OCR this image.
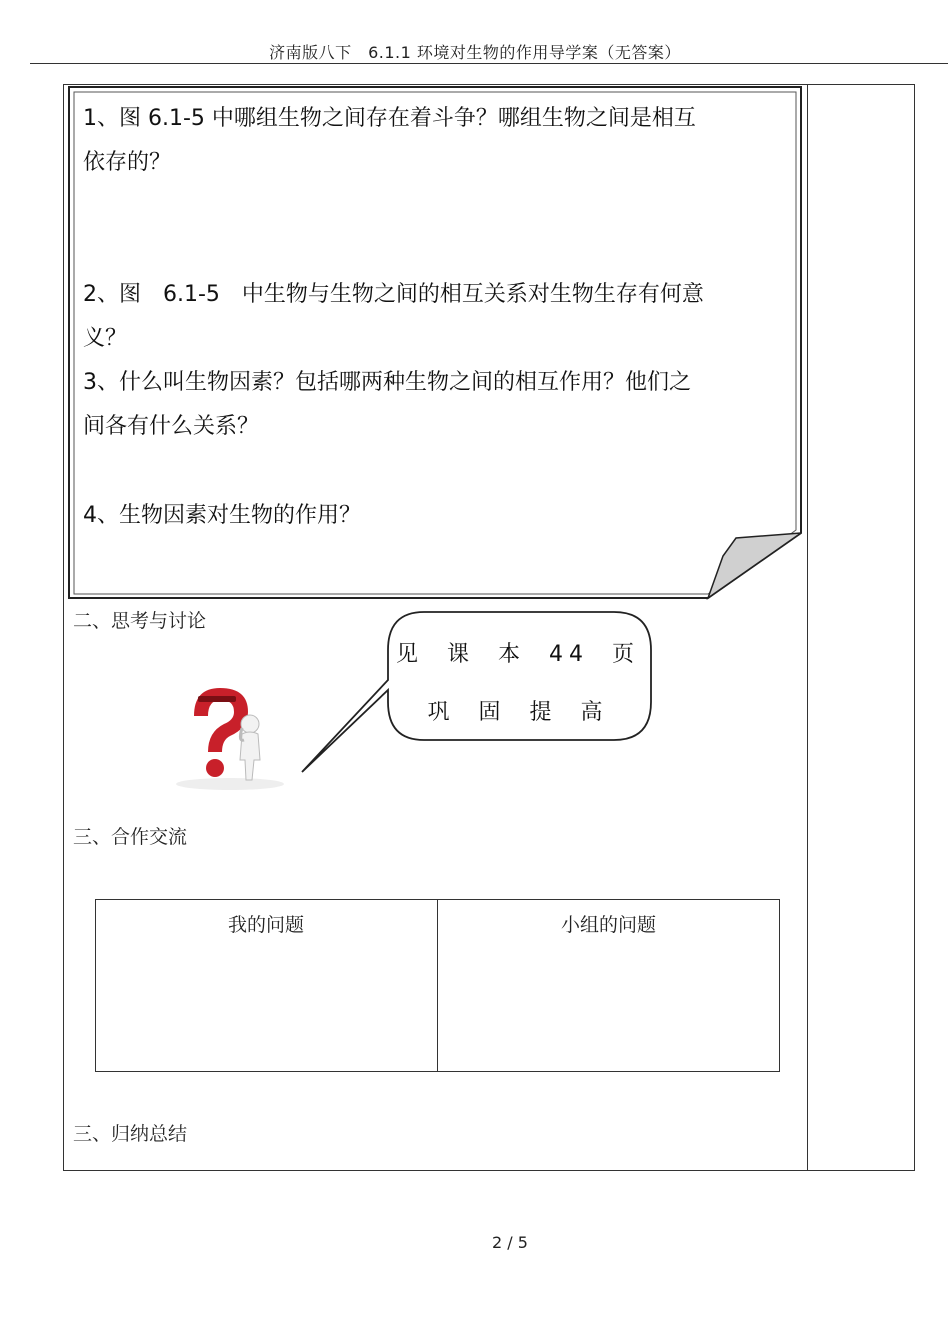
济南版八下　6.1.1 环境对生物的作用导学案（无答案）
1、图 6.1-5 中哪组生物之间存在着斗争？哪组生物之间是相互
依存的？
2、图　6.1-5　中生物与生物之间的相互关系对生物生存有何意
义？
3、什么叫生物因素？包括哪两种生物之间的相互作用？他们之
间各有什么关系？
4、生物因素对生物的作用？
二、思考与讨论
见 课 本 44 页
巩 固 提 高
三、合作交流
我的问题	小组的问题
三、归纳总结
2 / 5
